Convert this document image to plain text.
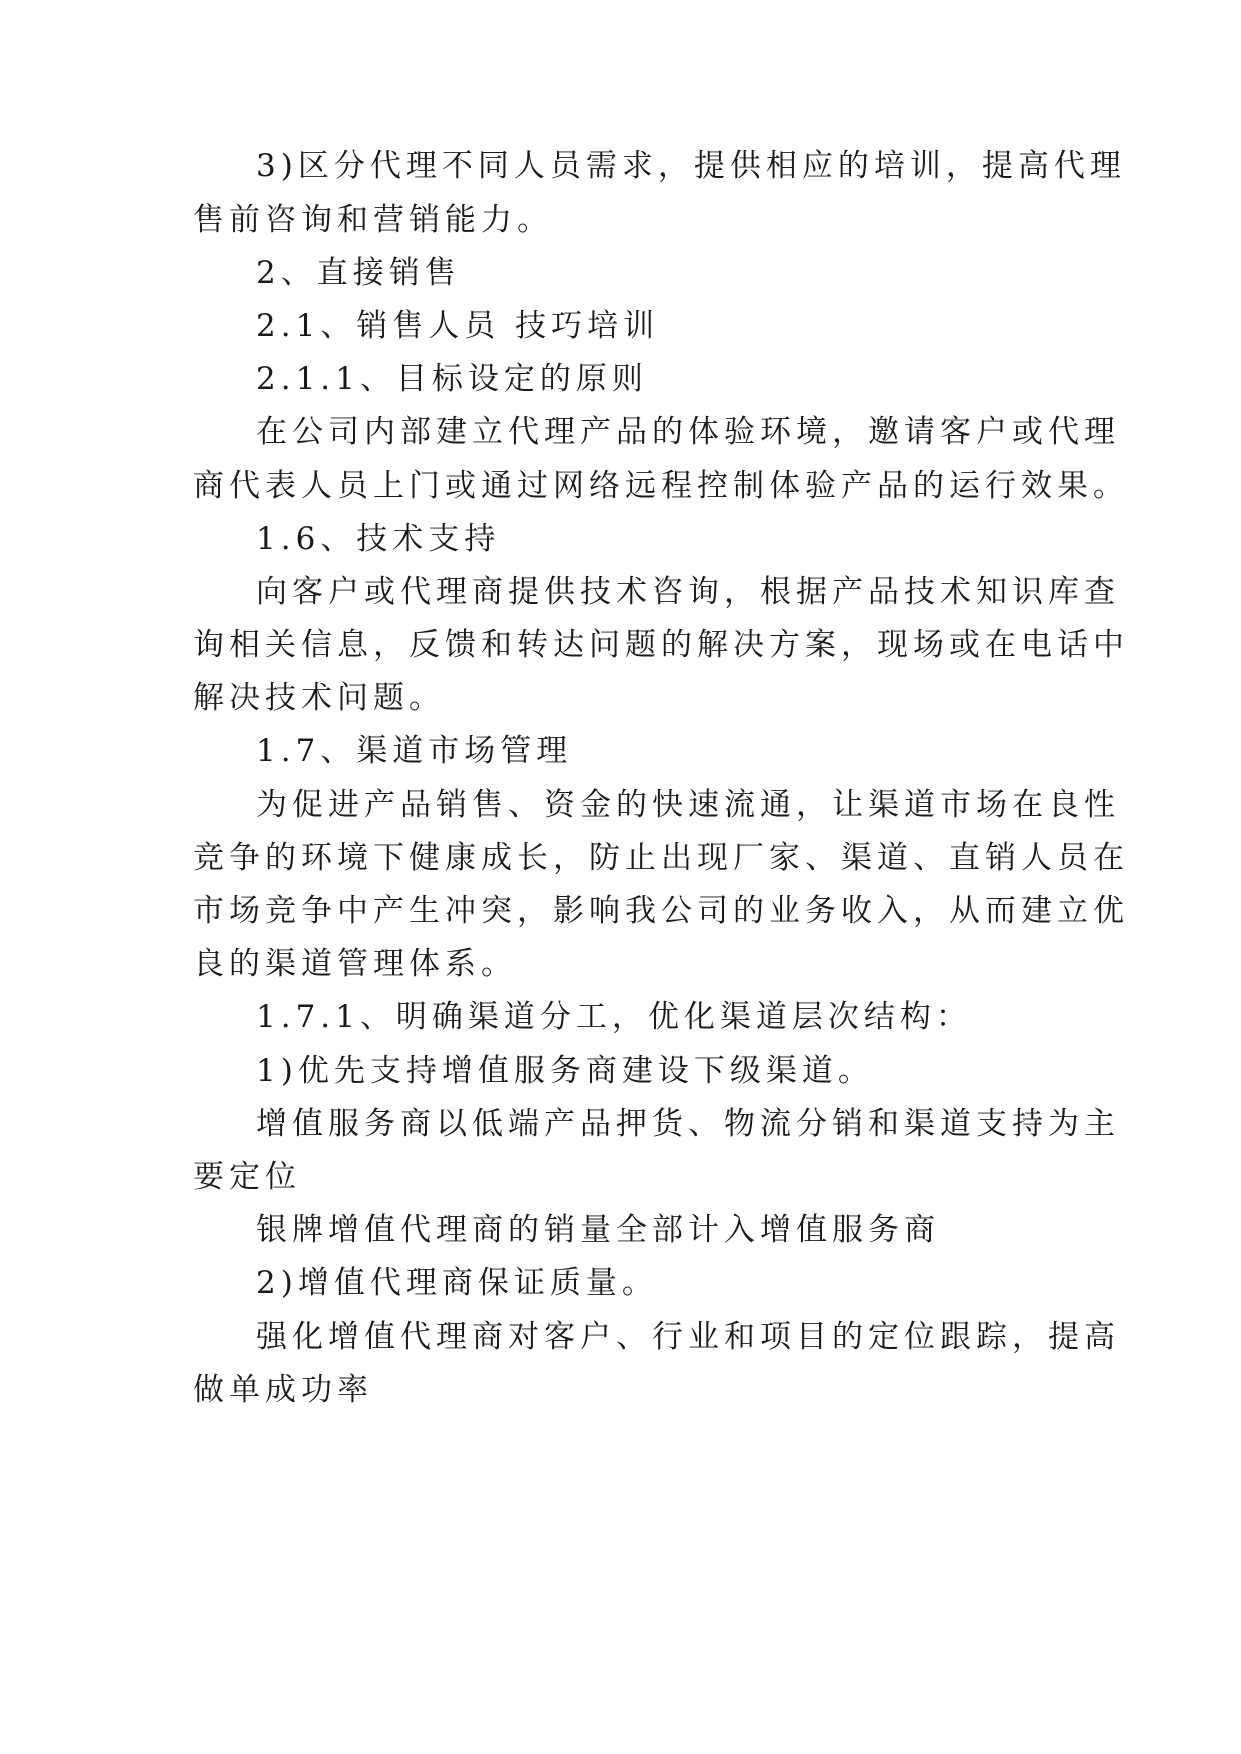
3)区分代理不同人员需求，提供相应的培训，提高代理
售前咨询和营销能力。
2、直接销售
2.1、销售人员 技巧培训
2.1.1、目标设定的原则
在公司内部建立代理产品的体验环境，邀请客户或代理
商代表人员上门或通过网络远程控制体验产品的运行效果。
1.6、技术支持
向客户或代理商提供技术咨询，根据产品技术知识库查
询相关信息，反馈和转达问题的解决方案，现场或在电话中
解决技术问题。
1.7、渠道市场管理
为促进产品销售、资金的快速流通，让渠道市场在良性
竞争的环境下健康成长，防止出现厂家、渠道、直销人员在
市场竞争中产生冲突，影响我公司的业务收入，从而建立优
良的渠道管理体系。
1.7.1、明确渠道分工，优化渠道层次结构：
1)优先支持增值服务商建设下级渠道。
增值服务商以低端产品押货、物流分销和渠道支持为主
要定位
银牌增值代理商的销量全部计入增值服务商
2)增值代理商保证质量。
强化增值代理商对客户、行业和项目的定位跟踪，提高
做单成功率
